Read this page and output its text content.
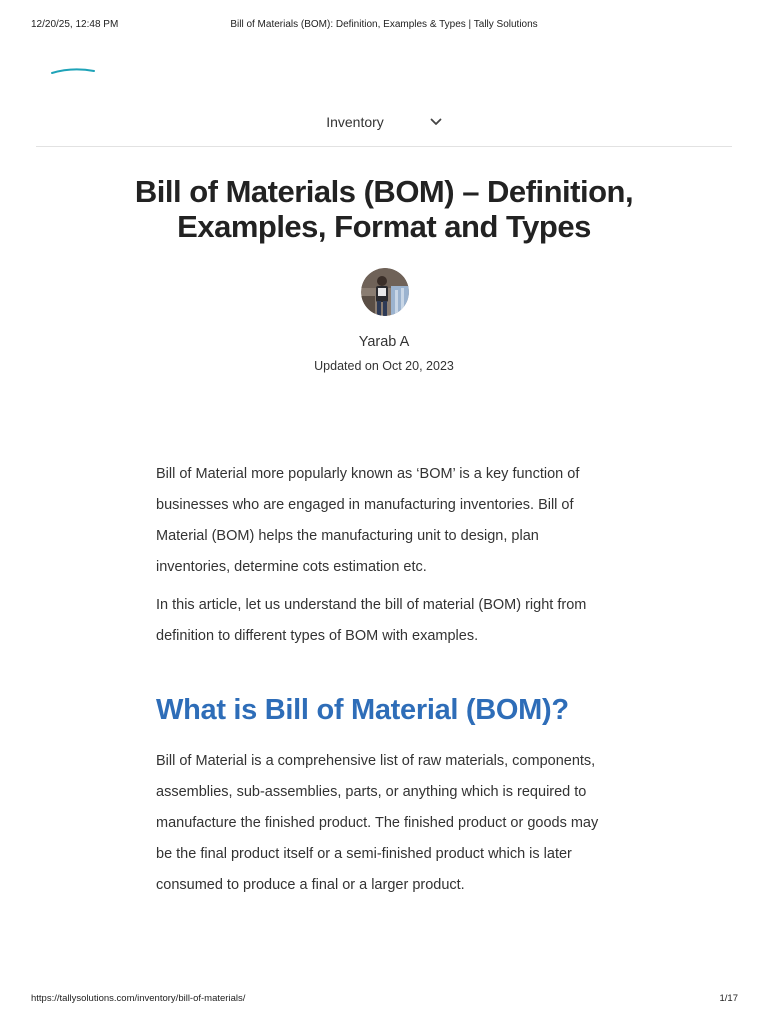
12/20/25, 12:48 PM	Bill of Materials (BOM): Definition, Examples & Types | Tally Solutions
Inventory
Bill of Materials (BOM) – Definition,
Examples, Format and Types
Yarab A
Updated on Oct 20, 2023

Bill of Material more popularly known as ‘BOM’ is a key function of businesses who are engaged in manufacturing inventories. Bill of Material (BOM) helps the manufacturing unit to design, plan inventories, determine cots estimation etc.

In this article, let us understand the bill of material (BOM) right from definition to different types of BOM with examples.

What is Bill of Material (BOM)?

Bill of Material is a comprehensive list of raw materials, components, assemblies, sub-assemblies, parts, or anything which is required to manufacture the finished product. The finished product or goods may be the final product itself or a semi-finished product which is later consumed to produce a final or a larger product.

https://tallysolutions.com/inventory/bill-of-materials/	1/17
